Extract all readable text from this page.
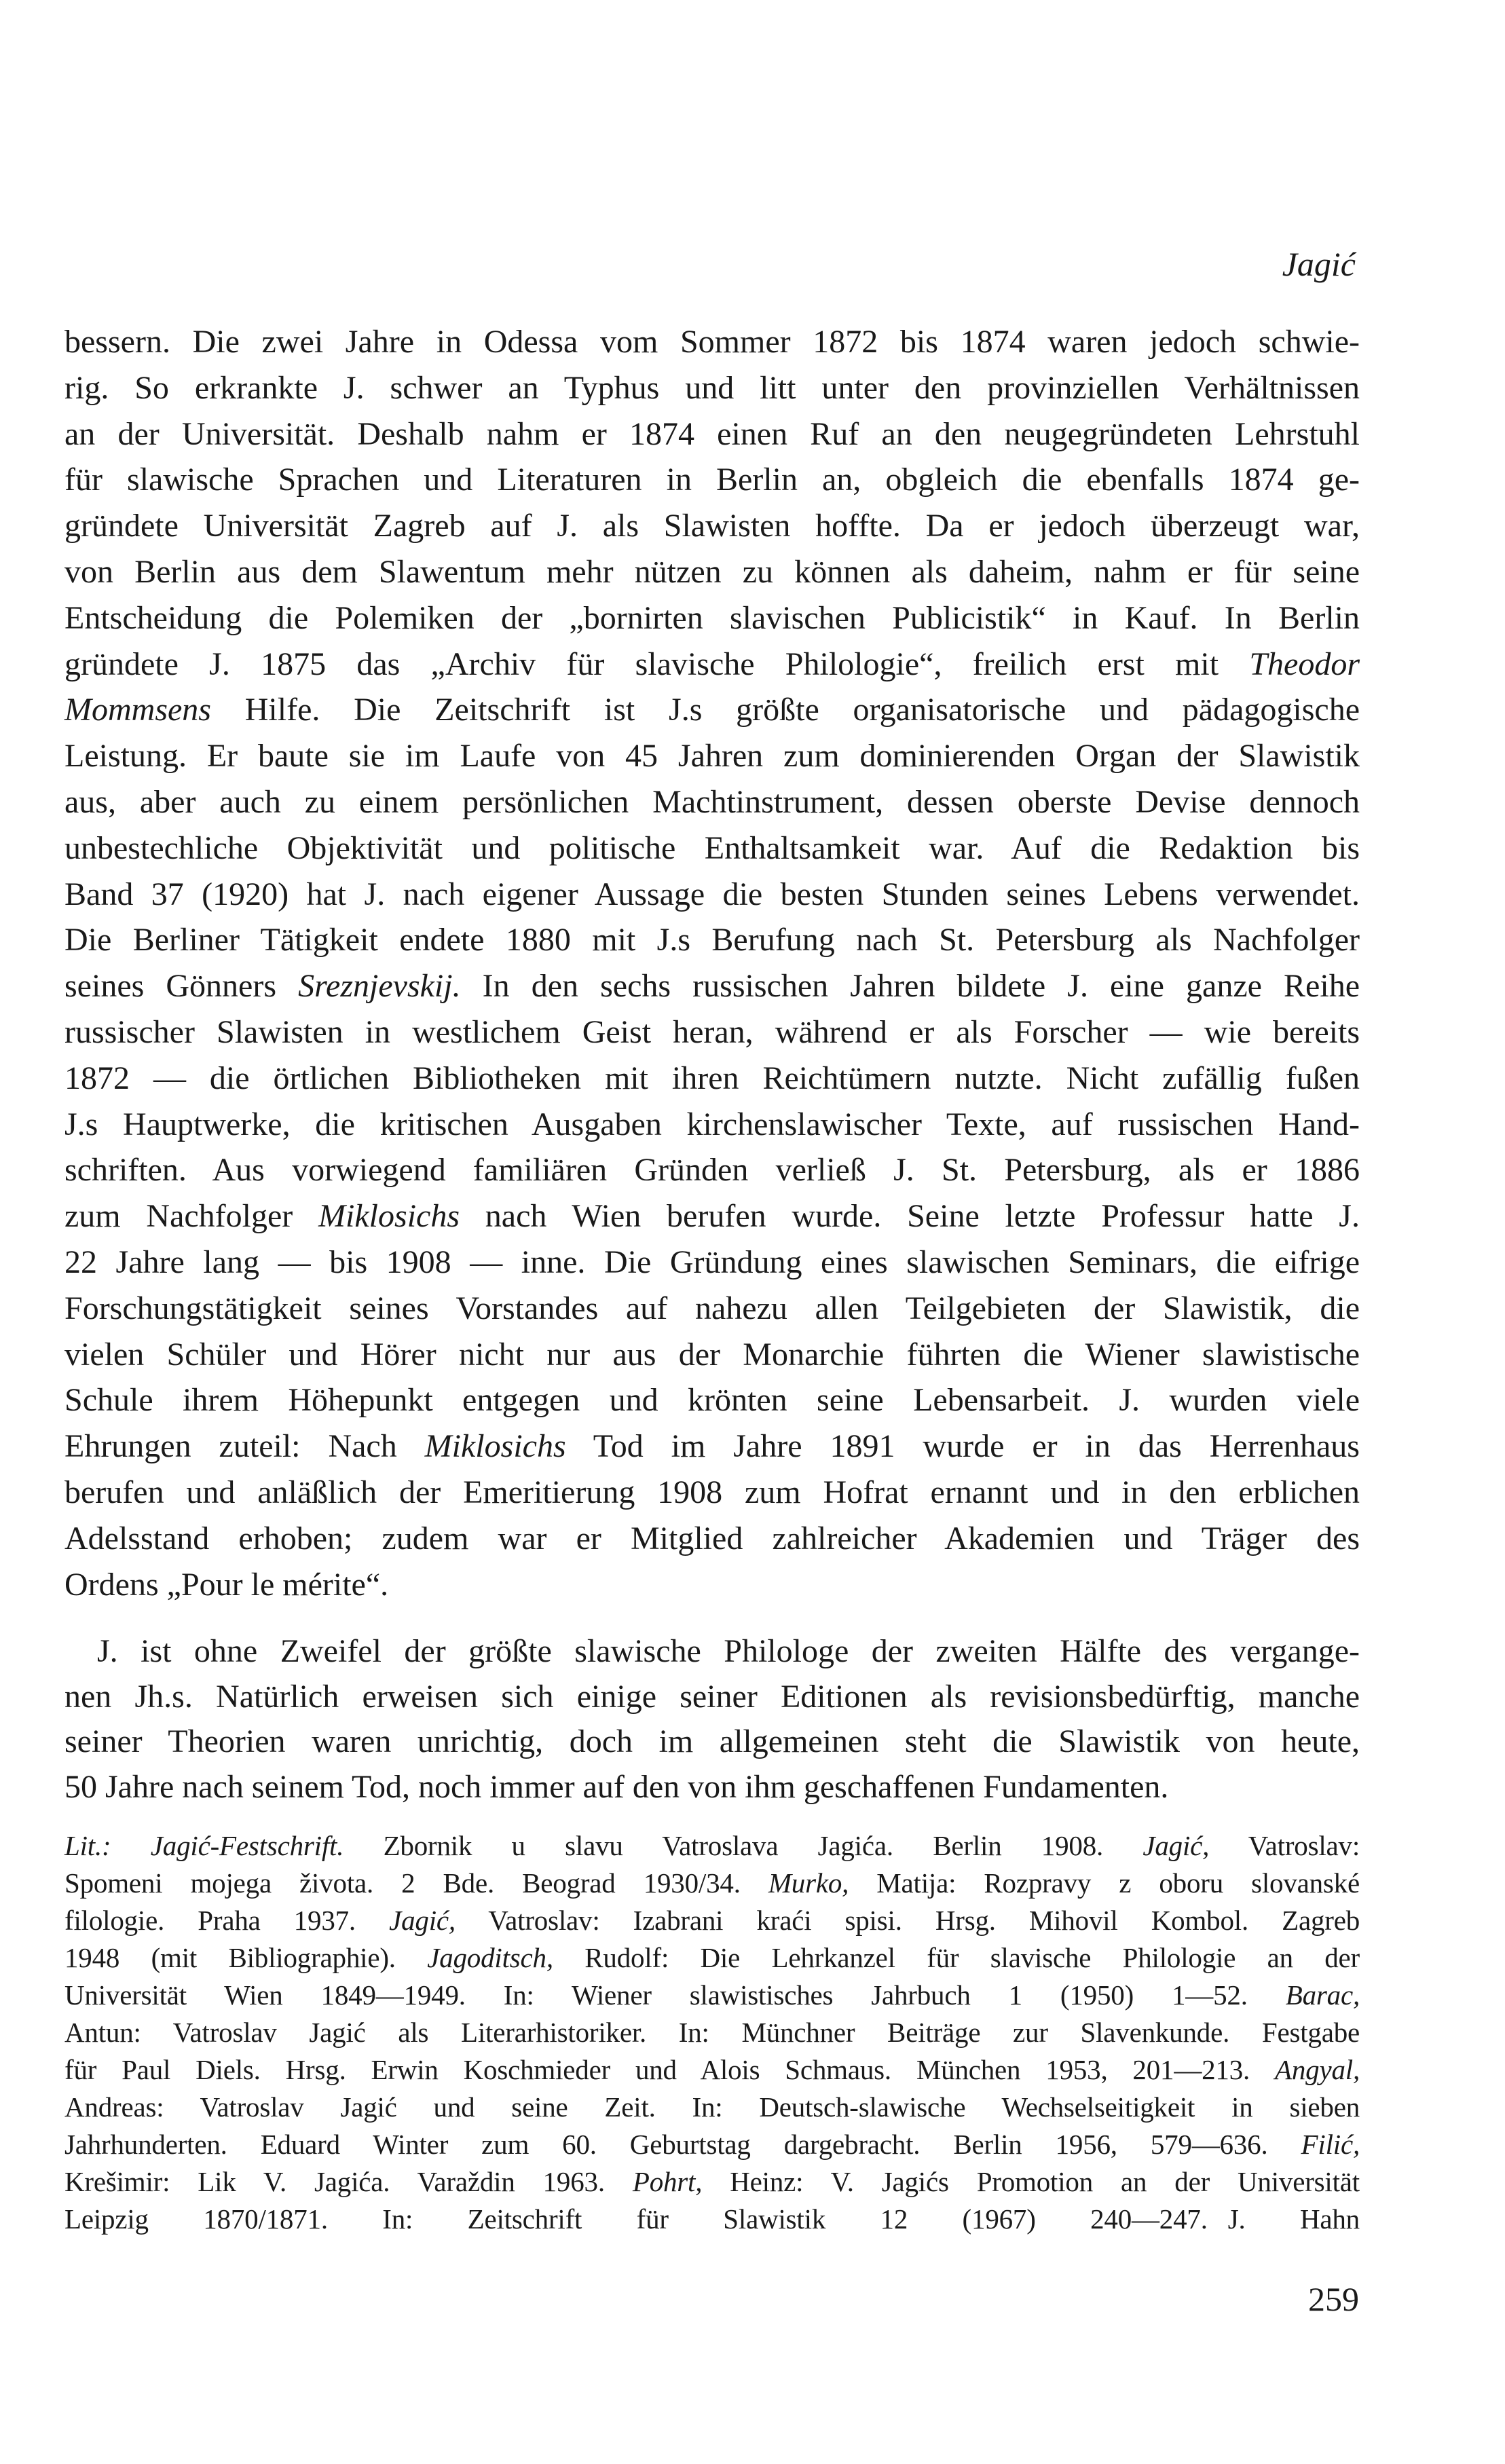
Jagić
bessern. Die zwei Jahre in Odessa vom Sommer 1872 bis 1874 waren jedoch schwie-
rig. So erkrankte J. schwer an Typhus und litt unter den provinziellen Verhältnissen
an der Universität. Deshalb nahm er 1874 einen Ruf an den neugegründeten Lehrstuhl
für slawische Sprachen und Literaturen in Berlin an, obgleich die ebenfalls 1874 ge-
gründete Universität Zagreb auf J. als Slawisten hoffte. Da er jedoch überzeugt war,
von Berlin aus dem Slawentum mehr nützen zu können als daheim, nahm er für seine
Entscheidung die Polemiken der „bornirten slavischen Publicistik“ in Kauf. In Berlin
gründete J. 1875 das „Archiv für slavische Philologie“, freilich erst mit Theodor
Mommsens Hilfe. Die Zeitschrift ist J.s größte organisatorische und pädagogische
Leistung. Er baute sie im Laufe von 45 Jahren zum dominierenden Organ der Slawistik
aus, aber auch zu einem persönlichen Machtinstrument, dessen oberste Devise dennoch
unbestechliche Objektivität und politische Enthaltsamkeit war. Auf die Redaktion bis
Band 37 (1920) hat J. nach eigener Aussage die besten Stunden seines Lebens verwendet.
Die Berliner Tätigkeit endete 1880 mit J.s Berufung nach St. Petersburg als Nachfolger
seines Gönners Sreznjevskij. In den sechs russischen Jahren bildete J. eine ganze Reihe
russischer Slawisten in westlichem Geist heran, während er als Forscher — wie bereits
1872 — die örtlichen Bibliotheken mit ihren Reichtümern nutzte. Nicht zufällig fußen
J.s Hauptwerke, die kritischen Ausgaben kirchenslawischer Texte, auf russischen Hand-
schriften. Aus vorwiegend familiären Gründen verließ J. St. Petersburg, als er 1886
zum Nachfolger Miklosichs nach Wien berufen wurde. Seine letzte Professur hatte J.
22 Jahre lang — bis 1908 — inne. Die Gründung eines slawischen Seminars, die eifrige
Forschungstätigkeit seines Vorstandes auf nahezu allen Teilgebieten der Slawistik, die
vielen Schüler und Hörer nicht nur aus der Monarchie führten die Wiener slawistische
Schule ihrem Höhepunkt entgegen und krönten seine Lebensarbeit. J. wurden viele
Ehrungen zuteil: Nach Miklosichs Tod im Jahre 1891 wurde er in das Herrenhaus
berufen und anläßlich der Emeritierung 1908 zum Hofrat ernannt und in den erblichen
Adelsstand erhoben; zudem war er Mitglied zahlreicher Akademien und Träger des
Ordens „Pour le mérite“.
J. ist ohne Zweifel der größte slawische Philologe der zweiten Hälfte des vergange-
nen Jh.s. Natürlich erweisen sich einige seiner Editionen als revisionsbedürftig, manche
seiner Theorien waren unrichtig, doch im allgemeinen steht die Slawistik von heute,
50 Jahre nach seinem Tod, noch immer auf den von ihm geschaffenen Fundamenten.
Lit.: Jagić-Festschrift. Zbornik u slavu Vatroslava Jagića. Berlin 1908. Jagić, Vatroslav:
Spomeni mojega života. 2 Bde. Beograd 1930/34. Murko, Matija: Rozpravy z oboru slovanské
filologie. Praha 1937. Jagić, Vatroslav: Izabrani kraći spisi. Hrsg. Mihovil Kombol. Zagreb
1948 (mit Bibliographie). Jagoditsch, Rudolf: Die Lehrkanzel für slavische Philologie an der
Universität Wien 1849—1949. In: Wiener slawistisches Jahrbuch 1 (1950) 1—52. Barac,
Antun: Vatroslav Jagić als Literarhistoriker. In: Münchner Beiträge zur Slavenkunde. Festgabe
für Paul Diels. Hrsg. Erwin Koschmieder und Alois Schmaus. München 1953, 201—213. Angyal,
Andreas: Vatroslav Jagić und seine Zeit. In: Deutsch-slawische Wechselseitigkeit in sieben
Jahrhunderten. Eduard Winter zum 60. Geburtstag dargebracht. Berlin 1956, 579—636. Filić,
Krešimir: Lik V. Jagića. Varaždin 1963. Pohrt, Heinz: V. Jagićs Promotion an der Universität
Leipzig 1870/1871. In: Zeitschrift für Slawistik 12 (1967) 240—247. J. Hahn
259
